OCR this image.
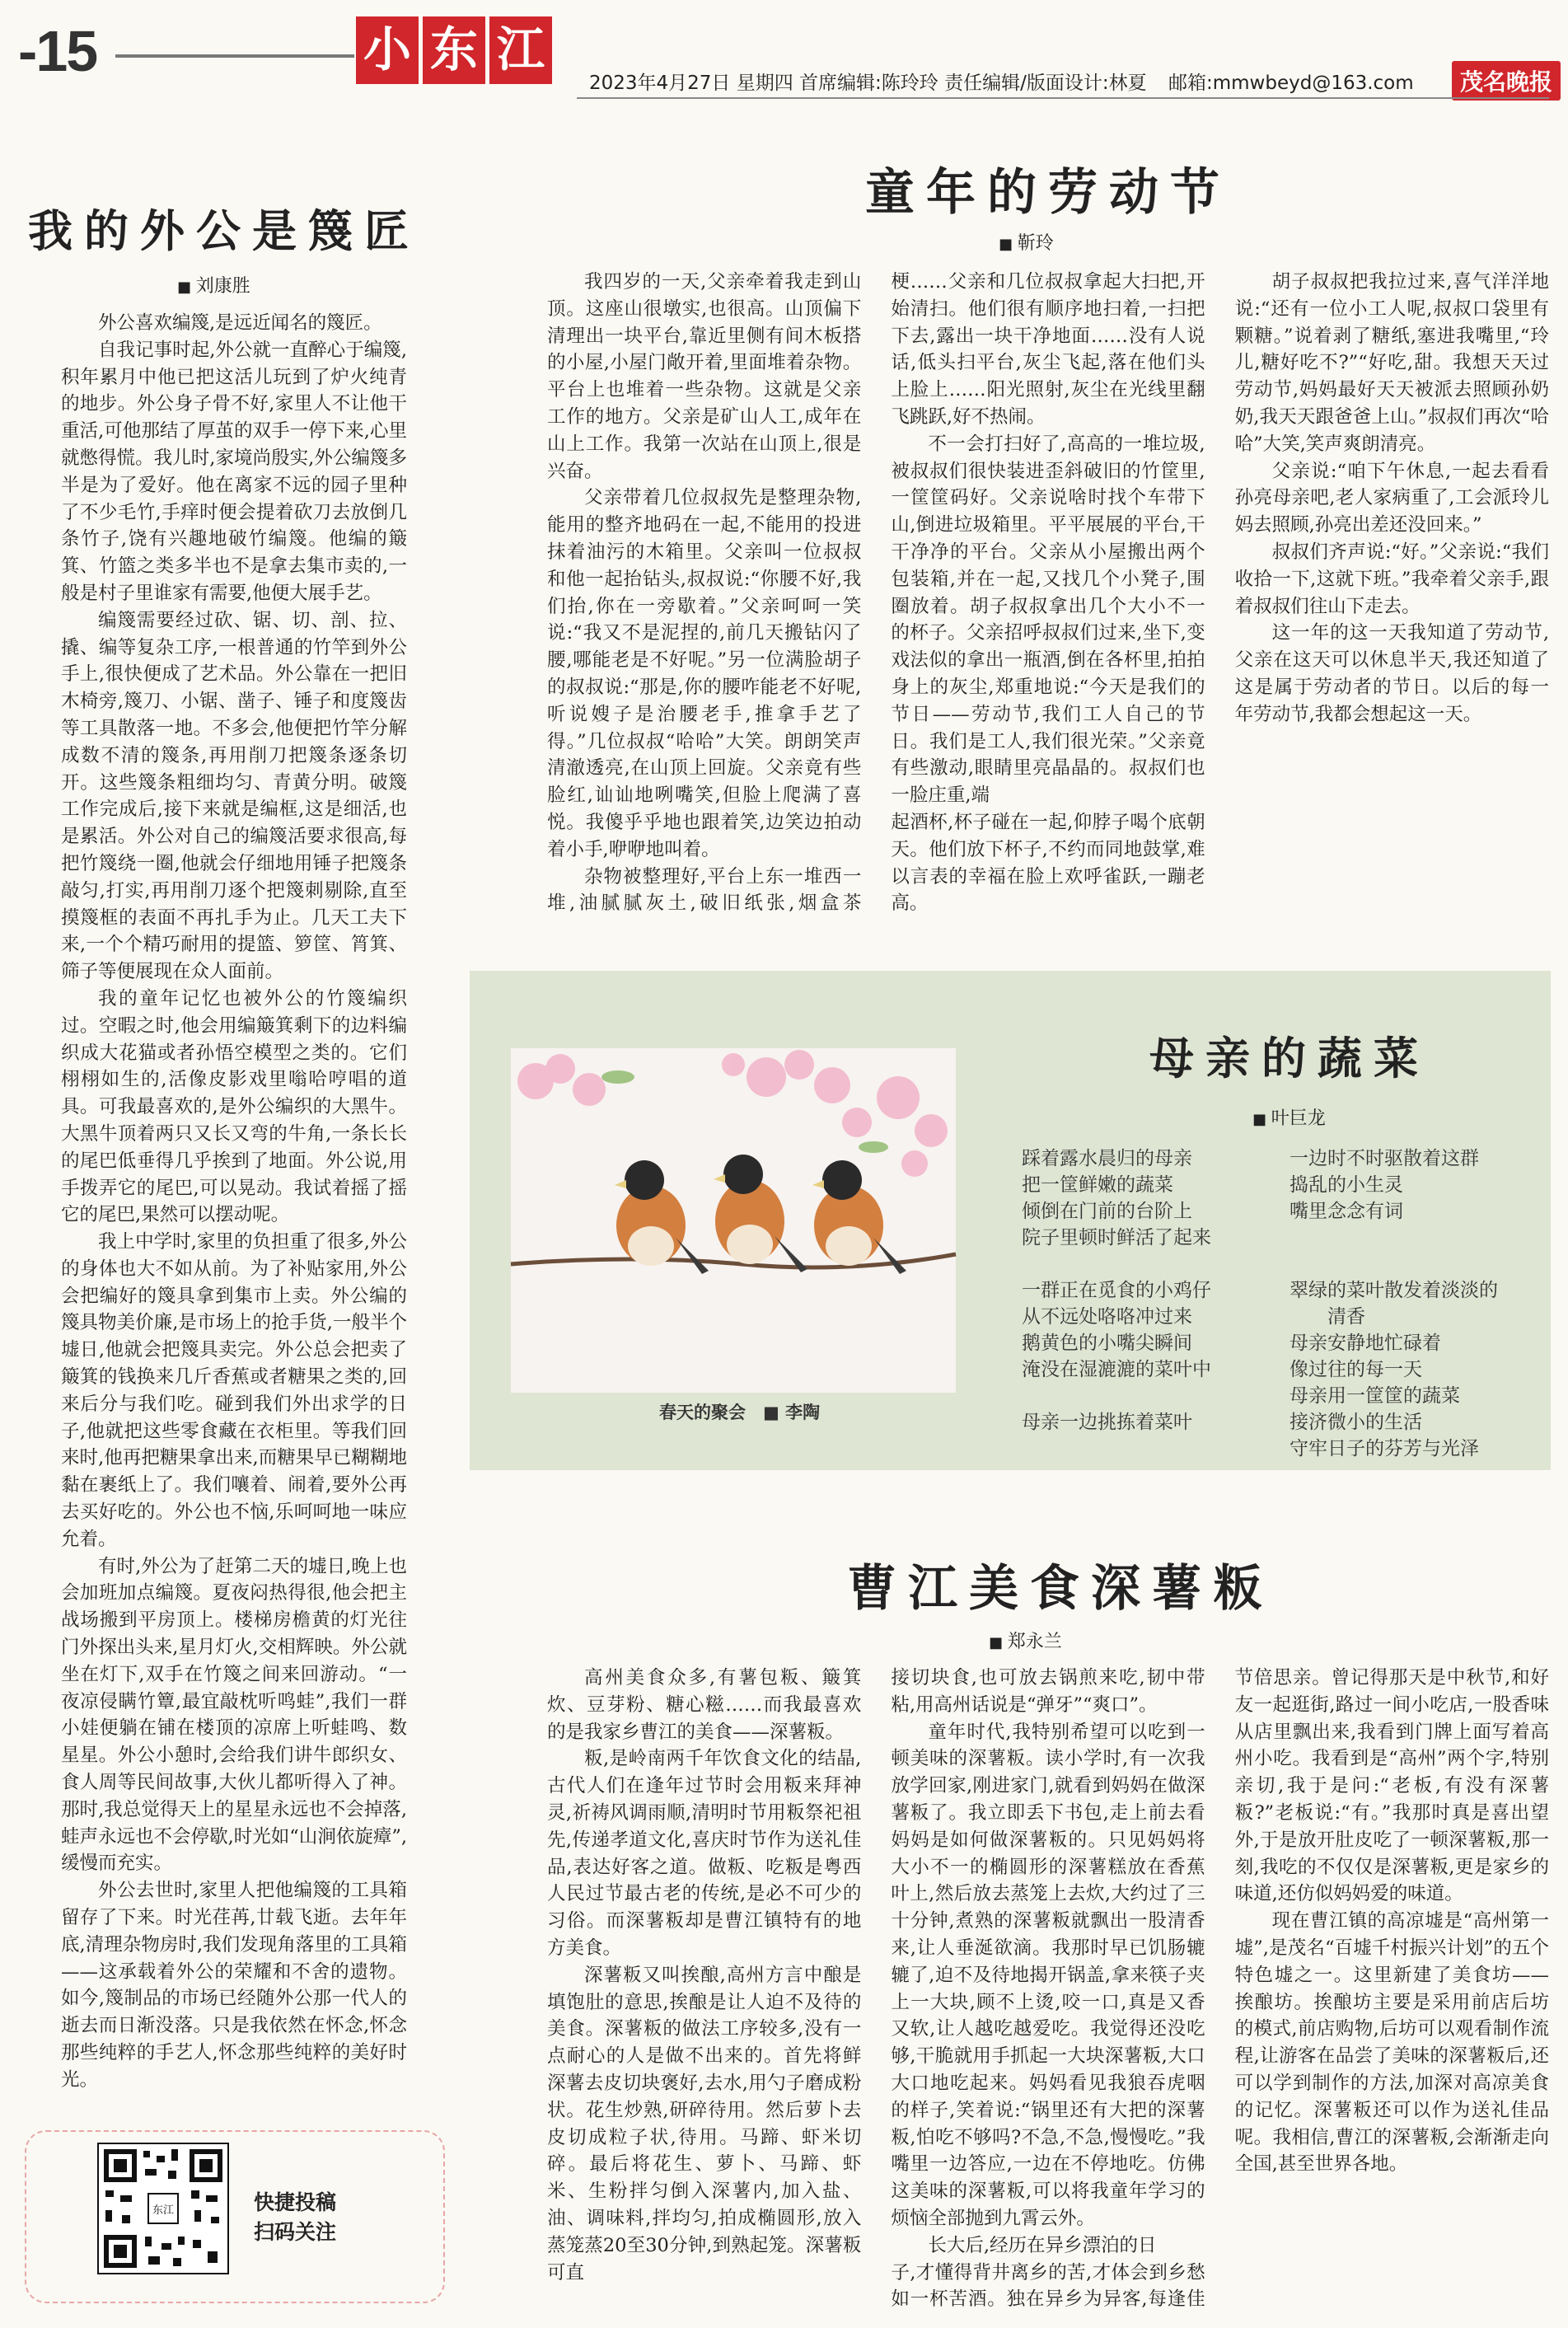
-15	小 东 江
2023年4月27日 星期四 首席编辑:陈玲玲 责任编辑/版面设计:林夏 邮箱:mmwbeyd@163.com	茂名晚报
我的外公是篾匠
■ 刘康胜

外公喜欢编篾,是远近闻名的篾匠。

自我记事时起,外公就一直醉心于编篾,积年累月中他已把这活儿玩到了炉火纯青的地步。外公身子骨不好,家里人不让他干重活,可他那结了厚茧的双手一停下来,心里就憋得慌。我儿时,家境尚殷实,外公编篾多半是为了爱好。他在离家不远的园子里种了不少毛竹,手痒时便会提着砍刀去放倒几条竹子,饶有兴趣地破竹编篾。他编的簸箕、竹篮之类多半也不是拿去集市卖的,一般是村子里谁家有需要,他便大展手艺。

编篾需要经过砍、锯、切、剖、拉、撬、编等复杂工序,一根普通的竹竿到外公手上,很快便成了艺术品。外公靠在一把旧木椅旁,篾刀、小锯、凿子、锤子和度篾齿等工具散落一地。不多会,他便把竹竿分解成数不清的篾条,再用削刀把篾条逐条切开。这些篾条粗细均匀、青黄分明。破篾工作完成后,接下来就是编框,这是细活,也是累活。外公对自己的编篾活要求很高,每把竹篾绕一圈,他就会仔细地用锤子把篾条敲匀,打实,再用削刀逐个把篾刺剔除,直至摸篾框的表面不再扎手为止。几天工夫下来,一个个精巧耐用的提篮、箩筐、筲箕、筛子等便展现在众人面前。

我的童年记忆也被外公的竹篾编织过。空暇之时,他会用编簸箕剩下的边料编织成大花猫或者孙悟空模型之类的。它们栩栩如生的,活像皮影戏里嗡哈哼唱的道具。可我最喜欢的,是外公编织的大黑牛。大黑牛顶着两只又长又弯的牛角,一条长长的尾巴低垂得几乎挨到了地面。外公说,用手拨弄它的尾巴,可以晃动。我试着摇了摇它的尾巴,果然可以摆动呢。

我上中学时,家里的负担重了很多,外公的身体也大不如从前。为了补贴家用,外公会把编好的篾具拿到集市上卖。外公编的篾具物美价廉,是市场上的抢手货,一般半个墟日,他就会把篾具卖完。外公总会把卖了簸箕的钱换来几斤香蕉或者糖果之类的,回来后分与我们吃。碰到我们外出求学的日子,他就把这些零食藏在衣柜里。等我们回来时,他再把糖果拿出来,而糖果早已糊糊地黏在裹纸上了。我们嚷着、闹着,要外公再去买好吃的。外公也不恼,乐呵呵地一味应允着。

有时,外公为了赶第二天的墟日,晚上也会加班加点编篾。夏夜闷热得很,他会把主战场搬到平房顶上。楼梯房檐黄的灯光往门外探出头来,星月灯火,交相辉映。外公就坐在灯下,双手在竹篾之间来回游动。“一夜凉侵瞒竹簟,最宜敲枕听鸣蛙”,我们一群小娃便躺在铺在楼顶的凉席上听蛙鸣、数星星。外公小憩时,会给我们讲牛郎织女、食人周等民间故事,大伙儿都听得入了神。那时,我总觉得天上的星星永远也不会掉落,蛙声永远也不会停歇,时光如“山涧依旋瘴”,缓慢而充实。

外公去世时,家里人把他编篾的工具箱留存了下来。时光荏苒,廿载飞逝。去年年底,清理杂物房时,我们发现角落里的工具箱——这承载着外公的荣耀和不舍的遗物。如今,篾制品的市场已经随外公那一代人的逝去而日渐没落。只是我依然在怀念,怀念那些纯粹的手艺人,怀念那些纯粹的美好时光。

童年的劳动节
■ 靳玲

我四岁的一天,父亲牵着我走到山顶。这座山很墩实,也很高。山顶偏下清理出一块平台,靠近里侧有间木板搭的小屋,小屋门敞开着,里面堆着杂物。平台上也堆着一些杂物。这就是父亲工作的地方。父亲是矿山人工,成年在山上工作。我第一次站在山顶上,很是兴奋。

父亲带着几位叔叔先是整理杂物,能用的整齐地码在一起,不能用的投进抹着油污的木箱里。父亲叫一位叔叔和他一起抬钻头,叔叔说:“你腰不好,我们抬,你在一旁歇着。”父亲呵呵一笑说:“我又不是泥捏的,前几天搬钻闪了腰,哪能老是不好呢。”另一位满脸胡子的叔叔说:“那是,你的腰咋能老不好呢,听说嫂子是治腰老手,推拿手艺了得。”几位叔叔“哈哈”大笑。朗朗笑声清澈透亮,在山顶上回旋。父亲竟有些脸红,讪讪地咧嘴笑,但脸上爬满了喜悦。我傻乎乎地也跟着笑,边笑边拍动着小手,咿咿地叫着。

杂物被整理好,平台上东一堆西一堆,油腻腻灰土,破旧纸张,烟盒茶梗……父亲和几位叔叔拿起大扫把,开始清扫。他们很有顺序地扫着,一扫把下去,露出一块干净地面……没有人说话,低头扫平台,灰尘飞起,落在他们头上脸上……阳光照射,灰尘在光线里翻飞跳跃,好不热闹。

不一会打扫好了,高高的一堆垃圾,被叔叔们很快装进歪斜破旧的竹筐里,一筐筐码好。父亲说啥时找个车带下山,倒进垃圾箱里。平平展展的平台,干干净净的平台。父亲从小屋搬出两个包装箱,并在一起,又找几个小凳子,围圈放着。胡子叔叔拿出几个大小不一的杯子。父亲招呼叔叔们过来,坐下,变戏法似的拿出一瓶酒,倒在各杯里,拍拍身上的灰尘,郑重地说:“今天是我们的节日——劳动节,我们工人自己的节日。我们是工人,我们很光荣。”父亲竟有些激动,眼睛里亮晶晶的。叔叔们也一脸庄重,端

起酒杯,杯子碰在一起,仰脖子喝个底朝天。他们放下杯子,不约而同地鼓掌,难以言表的幸福在脸上欢呼雀跃,一蹦老高。

胡子叔叔把我拉过来,喜气洋洋地说:“还有一位小工人呢,叔叔口袋里有颗糖。”说着剥了糖纸,塞进我嘴里,“玲儿,糖好吃不?”“好吃,甜。我想天天过劳动节,妈妈最好天天被派去照顾孙奶奶,我天天跟爸爸上山。”叔叔们再次“哈哈”大笑,笑声爽朗清亮。

父亲说:“咱下午休息,一起去看看孙亮母亲吧,老人家病重了,工会派玲儿妈去照顾,孙亮出差还没回来。”

叔叔们齐声说:“好。”父亲说:“我们收拾一下,这就下班。”我牵着父亲手,跟着叔叔们往山下走去。

这一年的这一天我知道了劳动节,父亲在这天可以休息半天,我还知道了这是属于劳动者的节日。以后的每一年劳动节,我都会想起这一天。

春天的聚会　■ 李陶
母亲的蔬菜
■ 叶巨龙
踩着露水晨归的母亲
把一筐鲜嫩的蔬菜
倾倒在门前的台阶上
院子里顿时鲜活了起来
一群正在觅食的小鸡仔
从不远处咯咯冲过来
鹅黄色的小嘴尖瞬间
淹没在湿漉漉的菜叶中
母亲一边挑拣着菜叶
一边时不时驱散着这群
捣乱的小生灵
嘴里念念有词
翠绿的菜叶散发着淡淡的
清香
母亲安静地忙碌着
像过往的每一天
母亲用一筐筐的蔬菜
接济微小的生活
守牢日子的芬芳与光泽
曹江美食深薯粄
■ 郑永兰

高州美食众多,有薯包粄、簸箕炊、豆芽粉、糖心糍……而我最喜欢的是我家乡曹江的美食——深薯粄。

粄,是岭南两千年饮食文化的结晶,古代人们在逢年过节时会用粄来拜神灵,祈祷风调雨顺,清明时节用粄祭祀祖先,传递孝道文化,喜庆时节作为送礼佳品,表达好客之道。做粄、吃粄是粤西人民过节最古老的传统,是必不可少的习俗。而深薯粄却是曹江镇特有的地方美食。

深薯粄又叫挨酿,高州方言中酿是填饱肚的意思,挨酿是让人迫不及待的美食。深薯粄的做法工序较多,没有一点耐心的人是做不出来的。首先将鲜深薯去皮切块褒好,去水,用勺子磨成粉状。花生炒熟,研碎待用。然后萝卜去皮切成粒子状,待用。马蹄、虾米切碎。最后将花生、萝卜、马蹄、虾米、生粉拌匀倒入深薯内,加入盐、油、调味料,拌均匀,拍成椭圆形,放入蒸笼蒸20至30分钟,到熟起笼。深薯粄可直

接切块食,也可放去锅煎来吃,韧中带粘,用高州话说是“弹牙”“爽口”。

童年时代,我特别希望可以吃到一顿美味的深薯粄。读小学时,有一次我放学回家,刚进家门,就看到妈妈在做深薯粄了。我立即丢下书包,走上前去看妈妈是如何做深薯粄的。只见妈妈将大小不一的椭圆形的深薯糕放在香蕉叶上,然后放去蒸笼上去炊,大约过了三十分钟,煮熟的深薯粄就飘出一股清香来,让人垂涎欲滴。我那时早已饥肠辘辘了,迫不及待地揭开锅盖,拿来筷子夹上一大块,顾不上烫,咬一口,真是又香又软,让人越吃越爱吃。我觉得还没吃够,干脆就用手抓起一大块深薯粄,大口大口地吃起来。妈妈看见我狼吞虎咽的样子,笑着说:“锅里还有大把的深薯粄,怕吃不够吗?不急,不急,慢慢吃。”我嘴里一边答应,一边在不停地吃。仿佛这美味的深薯粄,可以将我童年学习的烦恼全部抛到九霄云外。

长大后,经历在异乡漂泊的日

子,才懂得背井离乡的苦,才体会到乡愁如一杯苦酒。独在异乡为异客,每逢佳节倍思亲。曾记得那天是中秋节,和好友一起逛街,路过一间小吃店,一股香味从店里飘出来,我看到门牌上面写着高州小吃。我看到是“高州”两个字,特别亲切,我于是问:“老板,有没有深薯粄?”老板说:“有。”我那时真是喜出望外,于是放开肚皮吃了一顿深薯粄,那一刻,我吃的不仅仅是深薯粄,更是家乡的味道,还仿似妈妈爱的味道。

现在曹江镇的高凉墟是“高州第一墟”,是茂名“百墟千村振兴计划”的五个特色墟之一。这里新建了美食坊——挨酿坊。挨酿坊主要是采用前店后坊的模式,前店购物,后坊可以观看制作流程,让游客在品尝了美味的深薯粄后,还可以学到制作的方法,加深对高凉美食的记忆。深薯粄还可以作为送礼佳品呢。我相信,曹江的深薯粄,会渐渐走向全国,甚至世界各地。

东江	快捷投稿
扫码关注
